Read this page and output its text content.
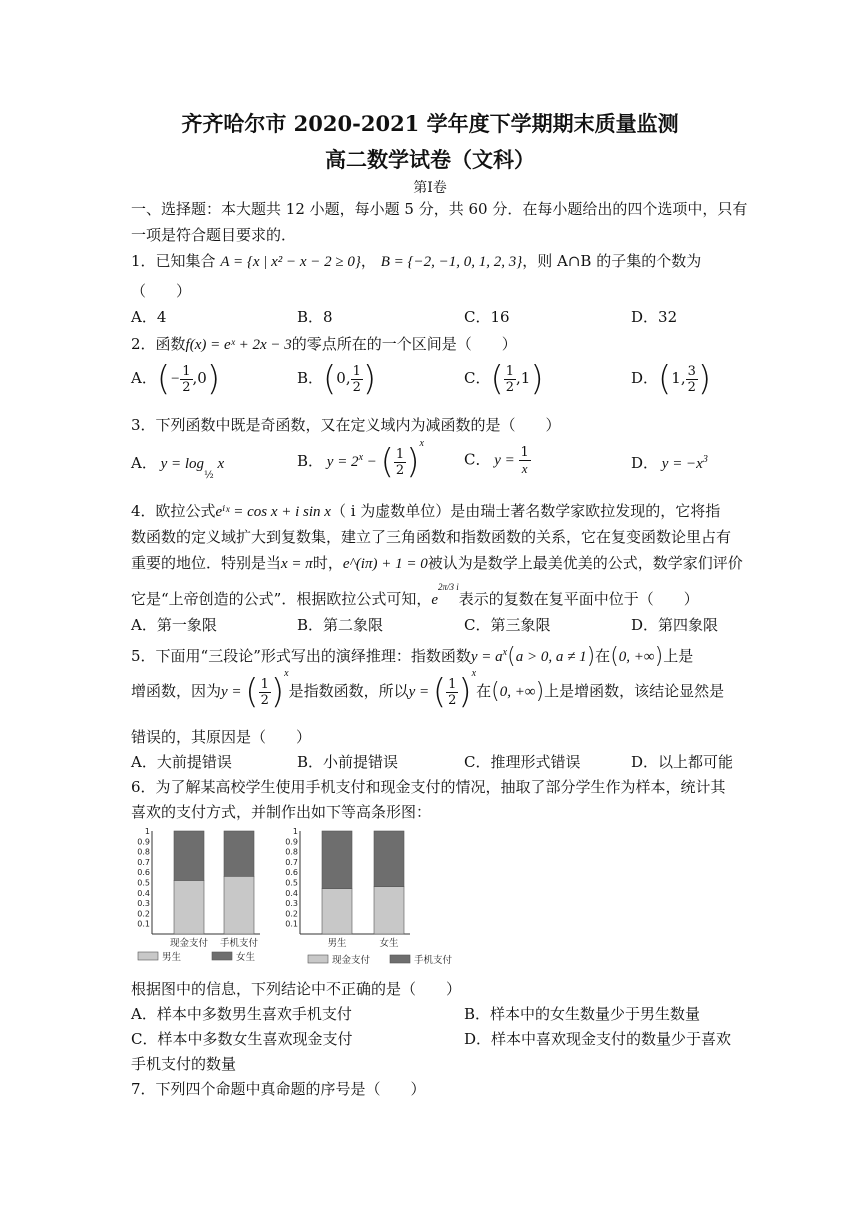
齐齐哈尔市 2020-2021 学年度下学期期末质量监测
高二数学试卷（文科）
第Ⅰ卷
一、选择题：本大题共 12 小题，每小题 5 分，共 60 分．在每小题给出的四个选项中，只有
一项是符合题目要求的．
1．已知集合 A = {x | x² − x − 2 ≥ 0}， B = {−2, −1, 0, 1, 2, 3}，则 A∩B 的子集的个数为
（　　）
A．4	B．8	C．16	D．32
2．函数f(x) = eˣ + 2x − 3的零点所在的一个区间是（　　）
A．(− $\frac{1}{2} ,0$)	B．(0, $\frac{1}{2}$ )	C．( $\frac{1}{2} ,1$)	D．(1, $\frac{3}{2}$ )
3．下列函数中既是奇函数，又在定义域内为减函数的是（　　）
A． $y = \log_{\frac{1}{2}} x$	B． $y = 2^x$ − ( $\frac{1}{2} )^x$
C． $y = \frac{1}{x}$	D． $y = -x^3$
4．欧拉公式eⁱˣ = cos x + i sin x（ i 为虚数单位）是由瑞士著名数学家欧拉发现的，它将指
数函数的定义域扩大到复数集，建立了三角函数和指数函数的关系，它在复变函数论里占有
重要的地位．特别是当x = π时，e^(iπ) + 1 = 0被认为是数学上最美优美的公式，数学家们评价
它是“上帝创造的公式”．根据欧拉公式可知，$e^{2\pi/3 i}$表示的复数在复平面中位于（　　）
A．第一象限	B．第二象限	C．第三象限	D．第四象限
5．下面用“三段论”形式写出的演绎推理：指数函数$y = a^x(a > 0$, a ≠ 1)在(0, +∞)上是
增函数，因为y = ( $\frac{1}{2} )^x$是指数函数，所以y = ( $\frac{1}{2} )^x$在(0, +∞)上是增函数，该结论显然是
错误的，其原因是（　　）
A．大前提错误	B．小前提错误	C．推理形式错误	D．以上都可能
6．为了解某高校学生使用手机支付和现金支付的情况，抽取了部分学生作为样本，统计其
喜欢的支付方式，并制作出如下等高条形图：
0.1
0.2
0.3
0.4
0.5
0.6
0.7
0.8
0.9
1
现金支付 手机支付
男生	女生
0.1
0.2
0.3
0.4
0.5
0.6
0.7
0.8
0.9
1
男生	女生
现金支付	手机支付
根据图中的信息，下列结论中不正确的是（　　）
A．样本中多数男生喜欢手机支付	B．样本中的女生数量少于男生数量
C．样本中多数女生喜欢现金支付	D．样本中喜欢现金支付的数量少于喜欢
手机支付的数量
7．下列四个命题中真命题的序号是（　　）
